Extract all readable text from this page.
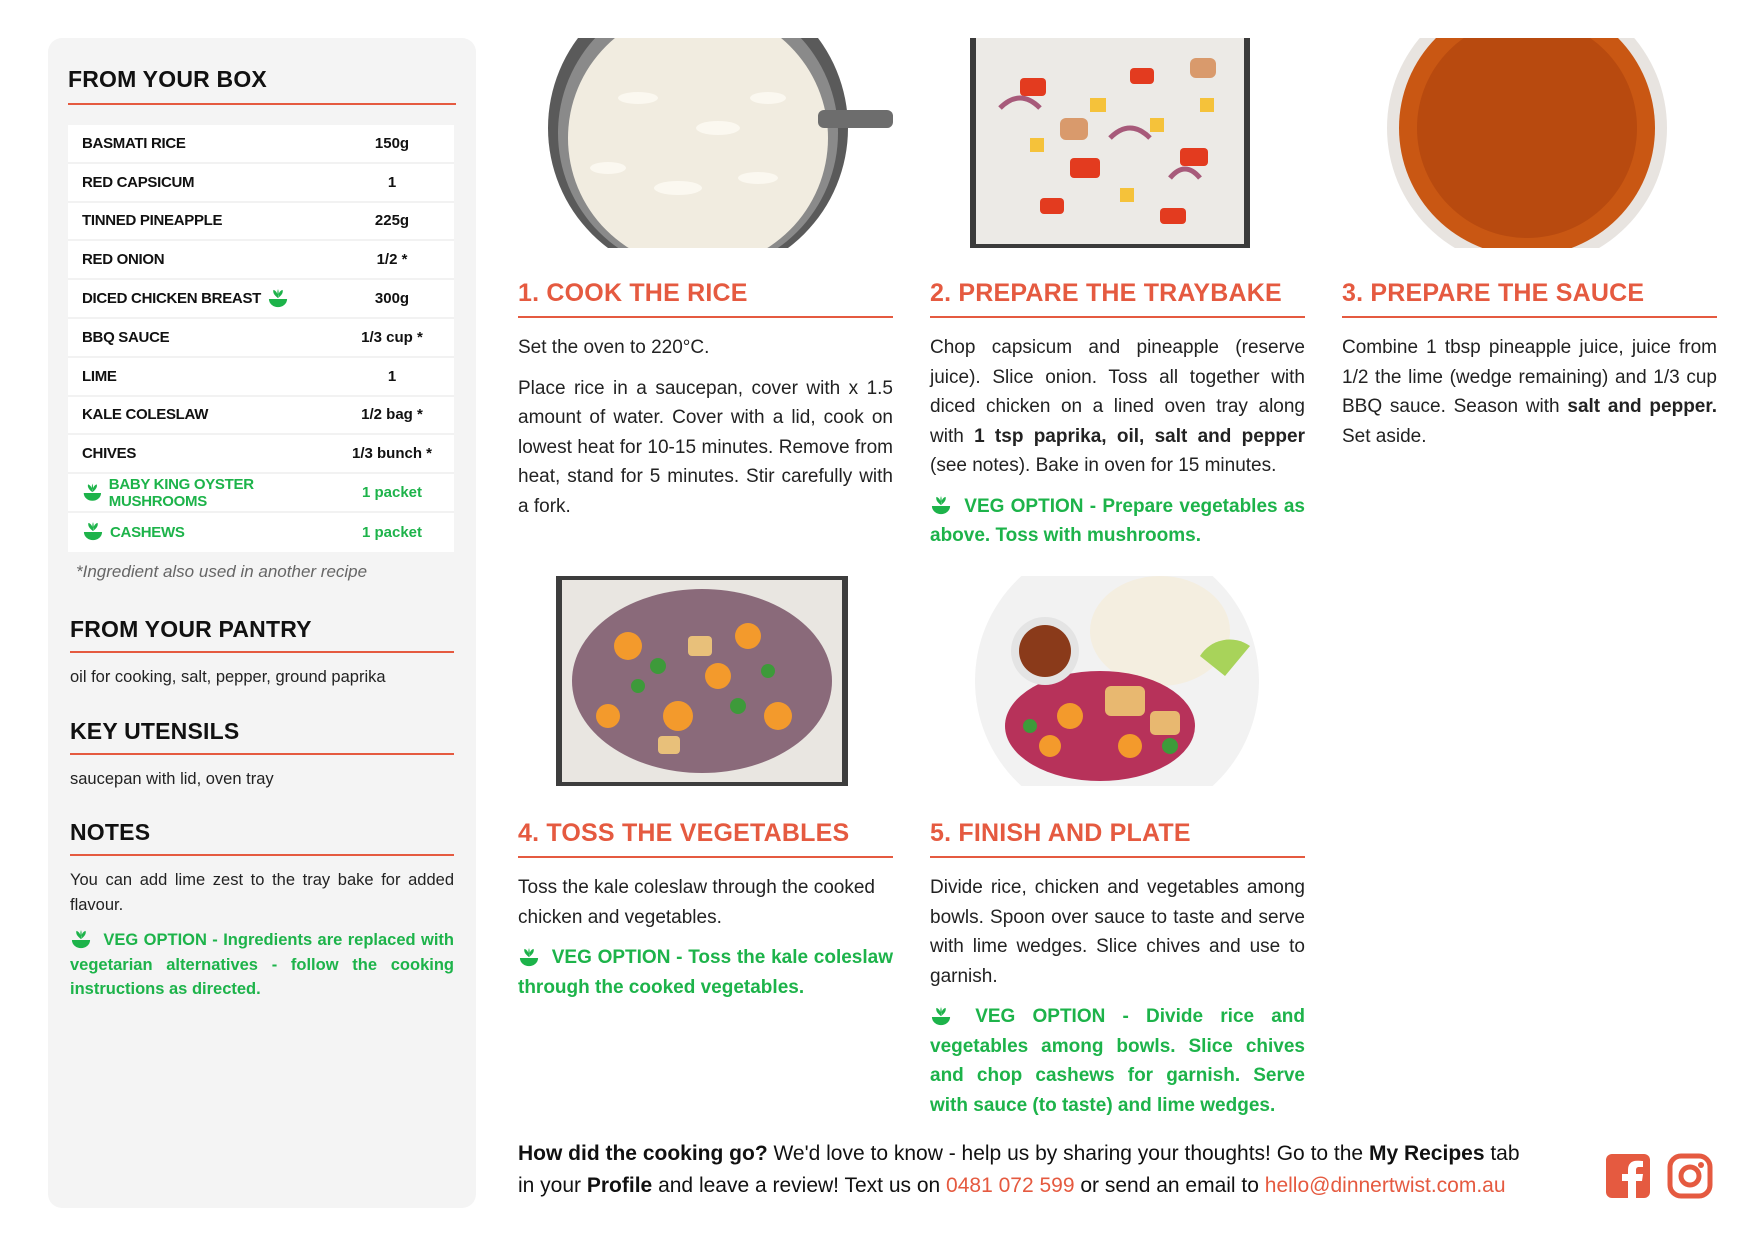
FROM YOUR BOX
BASMATI RICE	150g
RED CAPSICUM	1
TINNED PINEAPPLE	225g
RED ONION	1/2 *
DICED CHICKEN BREAST	300g
BBQ SAUCE	1/3 cup *
LIME	1
KALE COLESLAW	1/2 bag *
CHIVES	1/3 bunch *
BABY KING OYSTER MUSHROOMS	1 packet
CASHEWS	1 packet
*Ingredient also used in another recipe
FROM YOUR PANTRY
oil for cooking, salt, pepper, ground paprika
KEY UTENSILS
saucepan with lid, oven tray
NOTES
You can add lime zest to the tray bake for added flavour.
VEG OPTION - Ingredients are replaced with vegetarian alternatives - follow the cooking instructions as directed.
1. COOK THE RICE

Set the oven to 220°C.

Place rice in a saucepan, cover with x 1.5 amount of water. Cover with a lid, cook on lowest heat for 10-15 minutes. Remove from heat, stand for 5 minutes. Stir carefully with a fork.

2. PREPARE THE TRAYBAKE

Chop capsicum and pineapple (reserve juice). Slice onion. Toss all together with diced chicken on a lined oven tray along with 1 tsp paprika, oil, salt and pepper (see notes). Bake in oven for 15 minutes.

VEG OPTION - Prepare vegetables as above. Toss with mushrooms.

3. PREPARE THE SAUCE

Combine 1 tbsp pineapple juice, juice from 1/2 the lime (wedge remaining) and 1/3 cup BBQ sauce. Season with salt and pepper. Set aside.

4. TOSS THE VEGETABLES

Toss the kale coleslaw through the cooked chicken and vegetables.

VEG OPTION - Toss the kale coleslaw through the cooked vegetables.

5. FINISH AND PLATE

Divide rice, chicken and vegetables among bowls. Spoon over sauce to taste and serve with lime wedges. Slice chives and use to garnish.

VEG OPTION - Divide rice and vegetables among bowls. Slice chives and chop cashews for garnish. Serve with sauce (to taste) and lime wedges.

How did the cooking go? We'd love to know - help us by sharing your thoughts! Go to the My Recipes tab in your Profile and leave a review! Text us on 0481 072 599 or send an email to hello@dinnertwist.com.au
